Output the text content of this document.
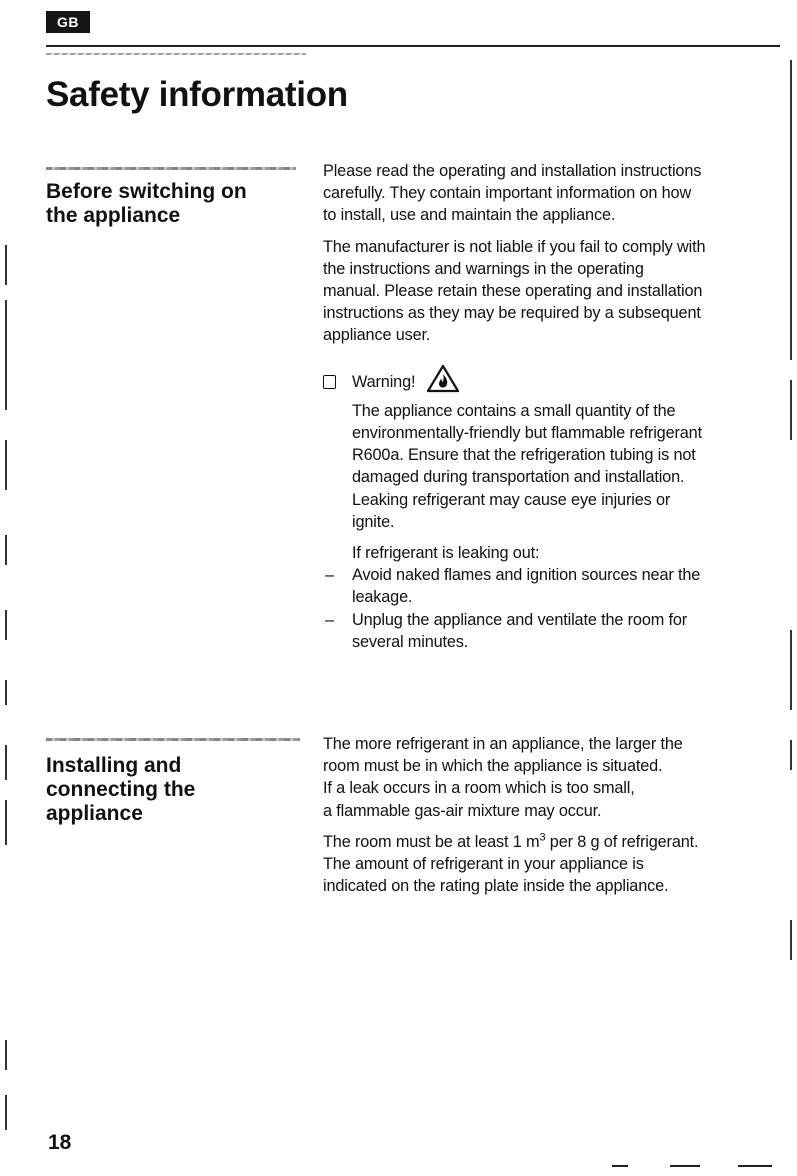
GB
Safety information
Before switching on
the appliance
Installing and
connecting the
appliance

Please read the operating and installation instructions
carefully. They contain important information on how
to install, use and maintain the appliance.

The manufacturer is not liable if you fail to comply with
the instructions and warnings in the operating
manual. Please retain these operating and installation
instructions as they may be required by a subsequent
appliance user.

Warning!
The appliance contains a small quantity of the
environmentally-friendly but flammable refrigerant
R600a. Ensure that the refrigeration tubing is not
damaged during transportation and installation.
Leaking refrigerant may cause eye injuries or
ignite.
If refrigerant is leaking out:
–	Avoid naked flames and ignition sources near the
leakage.
–	Unplug the appliance and ventilate the room for
several minutes.

The more refrigerant in an appliance, the larger the
room must be in which the appliance is situated.
If a leak occurs in a room which is too small,
a flammable gas-air mixture may occur.

The room must be at least 1 $m^3$ per 8 g of refrigerant.
The amount of refrigerant in your appliance is
indicated on the rating plate inside the appliance.

18
